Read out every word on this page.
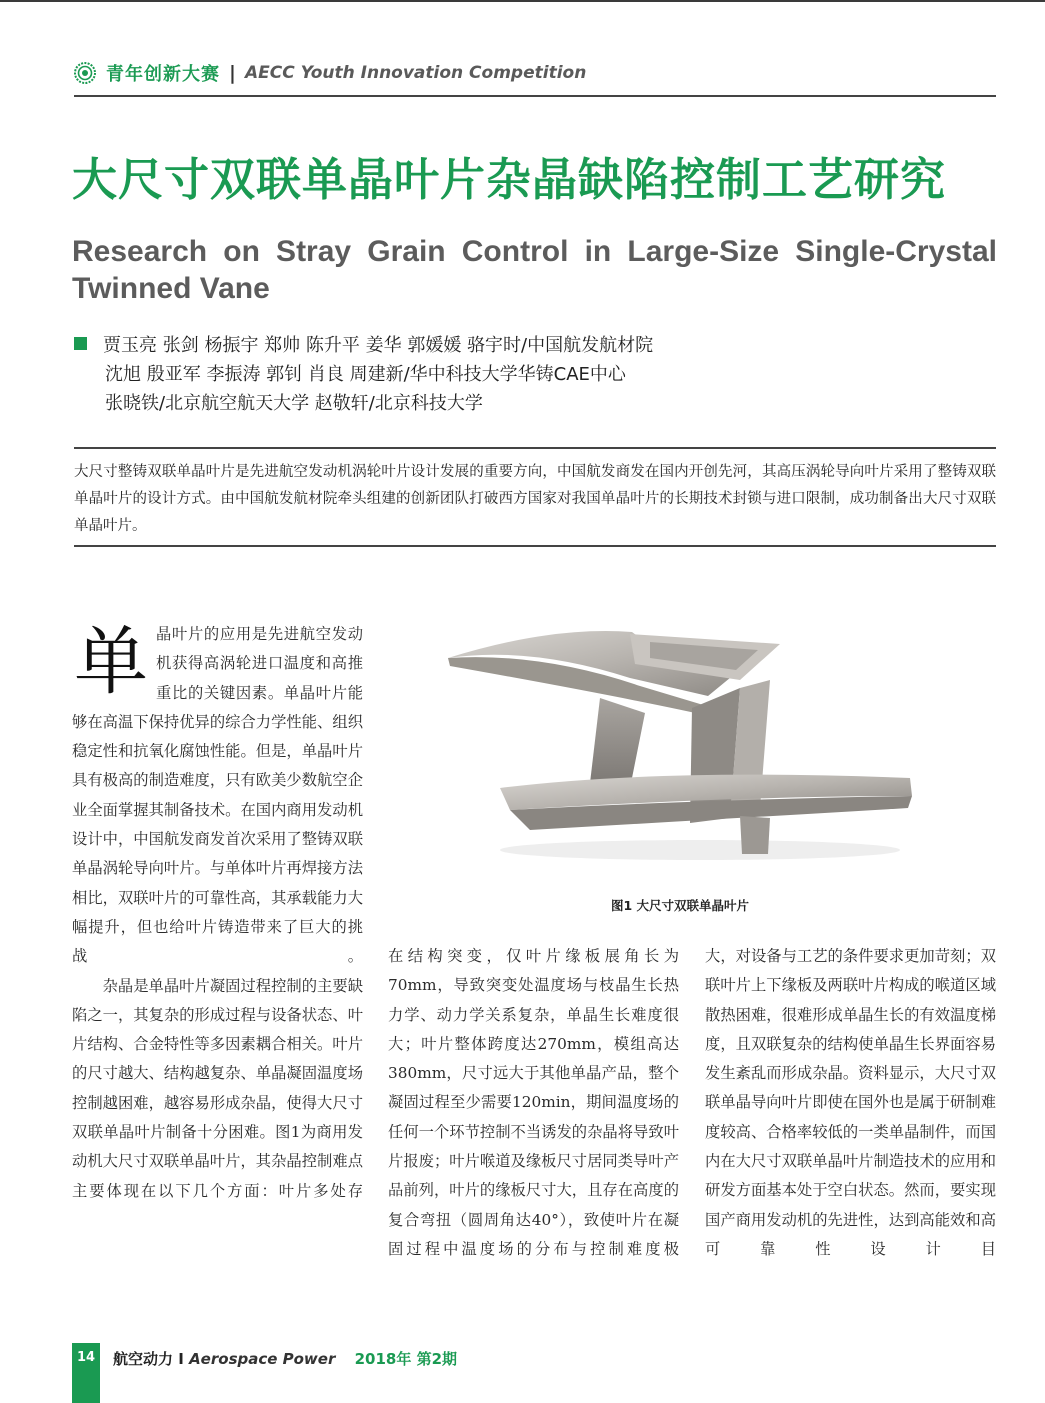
青年创新大赛 | AECC Youth Innovation Competition
大尺寸双联单晶叶片杂晶缺陷控制工艺研究
Research on Stray Grain Control in Large-Size Single-Crystal Twinned Vane
贾玉亮 张剑 杨振宇 郑帅 陈升平 姜华 郭媛媛 骆宇时/中国航发航材院
沈旭 殷亚军 李振涛 郭钊 肖良 周建新/华中科技大学华铸CAE中心
张晓铁/北京航空航天大学 赵敬轩/北京科技大学
大尺寸整铸双联单晶叶片是先进航空发动机涡轮叶片设计发展的重要方向，中国航发商发在国内开创先河，其高压涡轮导向叶片采用了整铸双联单晶叶片的设计方式。由中国航发航材院牵头组建的创新团队打破西方国家对我国单晶叶片的长期技术封锁与进口限制，成功制备出大尺寸双联单晶叶片。
单 晶叶片的应用是先进航空发动机获得高涡轮进口温度和高推重比的关键因素。单晶叶片能够在高温下保持优异的综合力学性能、组织稳定性和抗氧化腐蚀性能。但是，单晶叶片具有极高的制造难度，只有欧美少数航空企业全面掌握其制备技术。在国内商用发动机设计中，中国航发商发首次采用了整铸双联单晶涡轮导向叶片。与单体叶片再焊接方法相比，双联叶片的可靠性高，其承载能力大幅提升，但也给叶片铸造带来了巨大的挑战。

杂晶是单晶叶片凝固过程控制的主要缺陷之一，其复杂的形成过程与设备状态、叶片结构、合金特性等多因素耦合相关。叶片的尺寸越大、结构越复杂、单晶凝固温度场控制越困难，越容易形成杂晶，使得大尺寸双联单晶叶片制备十分困难。图1为商用发动机大尺寸双联单晶叶片，其杂晶控制难点主要体现在以下几个方面：叶片多处存

图1 大尺寸双联单晶叶片

在结构突变，仅叶片缘板展角长为70mm，导致突变处温度场与枝晶生长热力学、动力学关系复杂，单晶生长难度很大；叶片整体跨度达270mm，模组高达380mm，尺寸远大于其他单晶产品，整个凝固过程至少需要120min，期间温度场的任何一个环节控制不当诱发的杂晶将导致叶片报废；叶片喉道及缘板尺寸居同类导叶产品前列，叶片的缘板尺寸大，且存在高度的复合弯扭（圆周角达40°），致使叶片在凝固过程中温度场的分布与控制难度极

大，对设备与工艺的条件要求更加苛刻；双联叶片上下缘板及两联叶片构成的喉道区域散热困难，很难形成单晶生长的有效温度梯度，且双联复杂的结构使单晶生长界面容易发生紊乱而形成杂晶。资料显示，大尺寸双联单晶导向叶片即使在国外也是属于研制难度较高、合格率较低的一类单晶制件，而国内在大尺寸双联单晶叶片制造技术的应用和研发方面基本处于空白状态。然而，要实现国产商用发动机的先进性，达到高能效和高可靠性设计目

14	航空动力 I Aerospace Power 2018年 第2期
